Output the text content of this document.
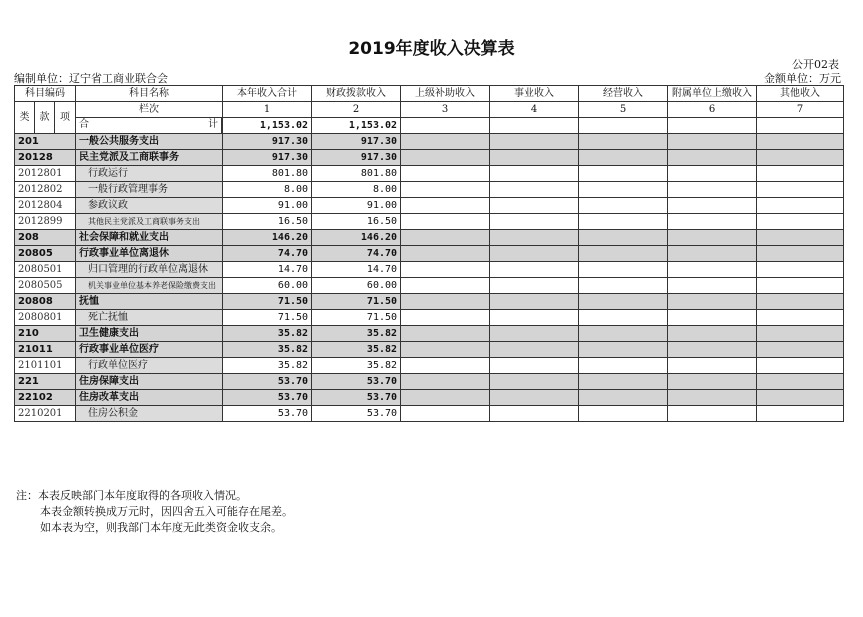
2019年度收入决算表
公开02表
编制单位：辽宁省工商业联合会	金额单位：万元
科目编码			科目名称	本年收入合计	财政拨款收入	上级补助收入	事业收入	经营收入	附属单位上缴收入	其他收入
类	款	项	栏次	1	2	3	4	5	6	7

合	计	1,153.02	1,153.02					
201			一般公共服务支出	917.30	917.30					
20128			民主党派及工商联事务	917.30	917.30					
2012801			行政运行	801.80	801.80					
2012802			一般行政管理事务	8.00	8.00					
2012804			参政议政	91.00	91.00					
2012899			其他民主党派及工商联事务支出	16.50	16.50					
208			社会保障和就业支出	146.20	146.20					
20805			行政事业单位离退休	74.70	74.70					
2080501			归口管理的行政单位离退休	14.70	14.70					
2080505			机关事业单位基本养老保险缴费支出	60.00	60.00					
20808			抚恤	71.50	71.50					
2080801			死亡抚恤	71.50	71.50					
210			卫生健康支出	35.82	35.82					
21011			行政事业单位医疗	35.82	35.82					
2101101			行政单位医疗	35.82	35.82					
221			住房保障支出	53.70	53.70					
22102			住房改革支出	53.70	53.70					
2210201			住房公积金	53.70	53.70					
注：本表反映部门本年度取得的各项收入情况。
本表金额转换成万元时，因四舍五入可能存在尾差。
如本表为空，则我部门本年度无此类资金收支余。
